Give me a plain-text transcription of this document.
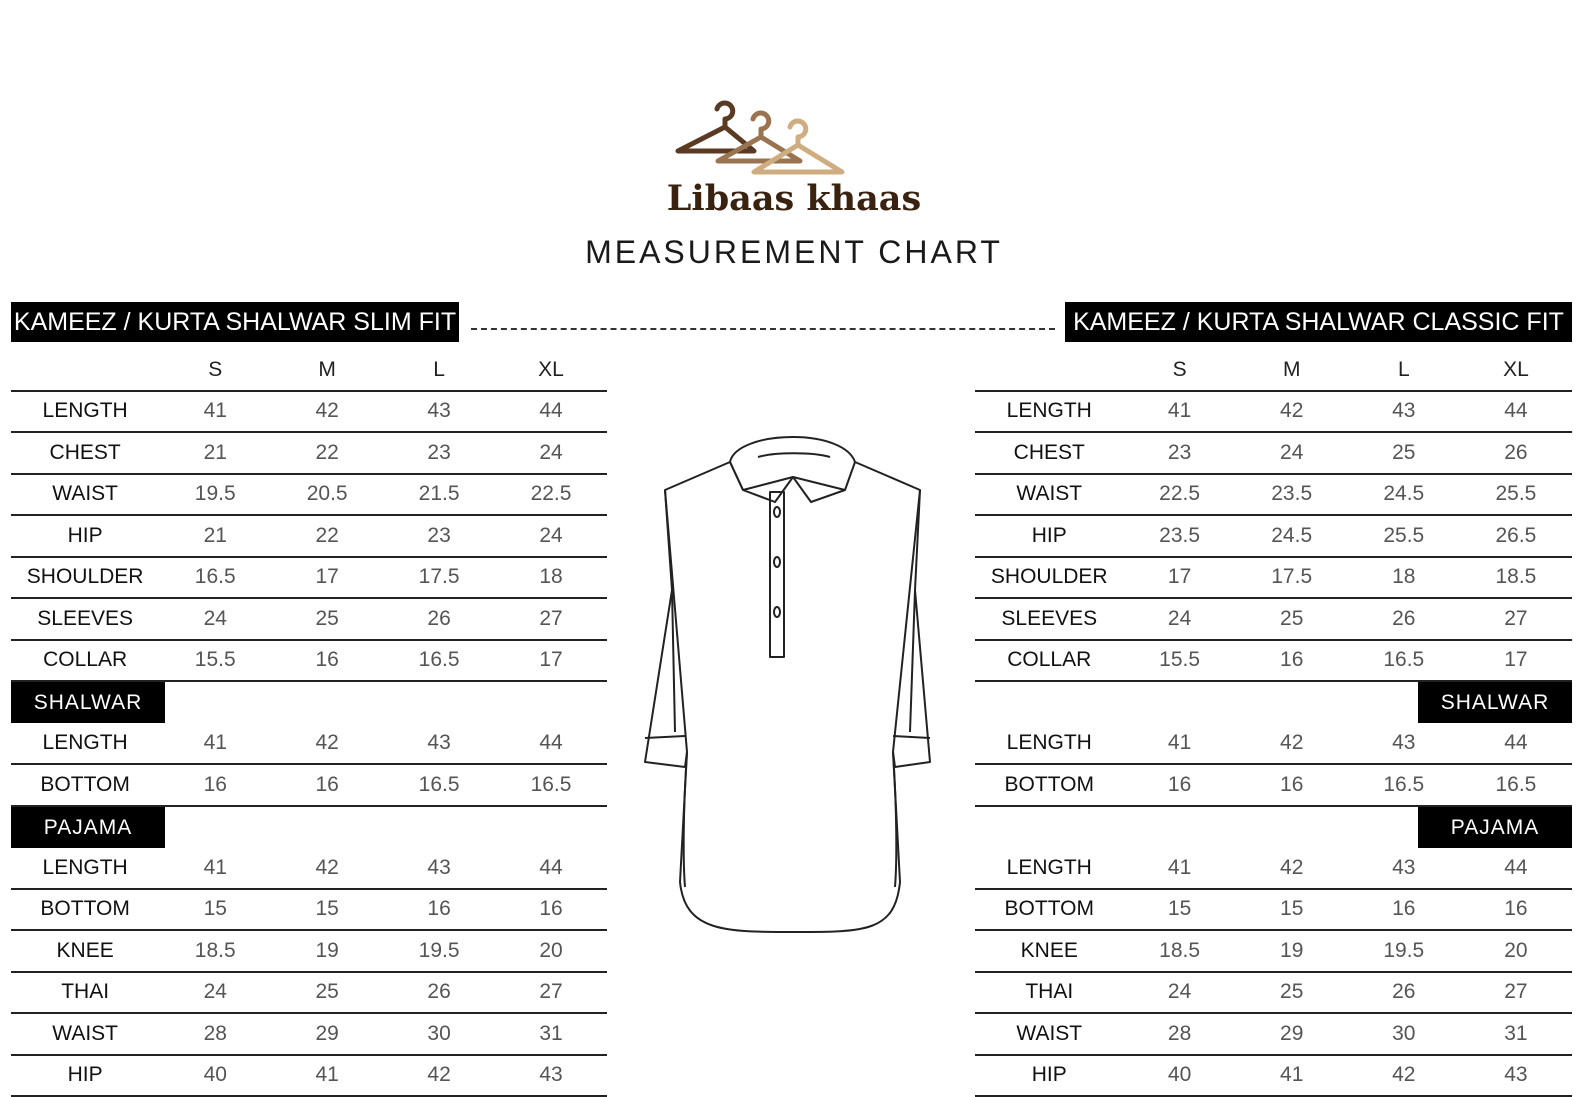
Libaas khaas
MEASUREMENT CHART
KAMEEZ / KURTA SHALWAR SLIM FIT	KAMEEZ / KURTA SHALWAR CLASSIC FIT
S	M	L	XL
LENGTH	41	42	43	44
CHEST	21	22	23	24
WAIST	19.5	20.5	21.5	22.5
HIP	21	22	23	24
SHOULDER	16.5	17	17.5	18
SLEEVES	24	25	26	27
COLLAR	15.5	16	16.5	17
SHALWAR
LENGTH	41	42	43	44
BOTTOM	16	16	16.5	16.5
PAJAMA
LENGTH	41	42	43	44
BOTTOM	15	15	16	16
KNEE	18.5	19	19.5	20
THAI	24	25	26	27
WAIST	28	29	30	31
HIP	40	41	42	43
S	M	L	XL
LENGTH	41	42	43	44
CHEST	23	24	25	26
WAIST	22.5	23.5	24.5	25.5
HIP	23.5	24.5	25.5	26.5
SHOULDER	17	17.5	18	18.5
SLEEVES	24	25	26	27
COLLAR	15.5	16	16.5	17
SHALWAR
LENGTH	41	42	43	44
BOTTOM	16	16	16.5	16.5
PAJAMA
LENGTH	41	42	43	44
BOTTOM	15	15	16	16
KNEE	18.5	19	19.5	20
THAI	24	25	26	27
WAIST	28	29	30	31
HIP	40	41	42	43
